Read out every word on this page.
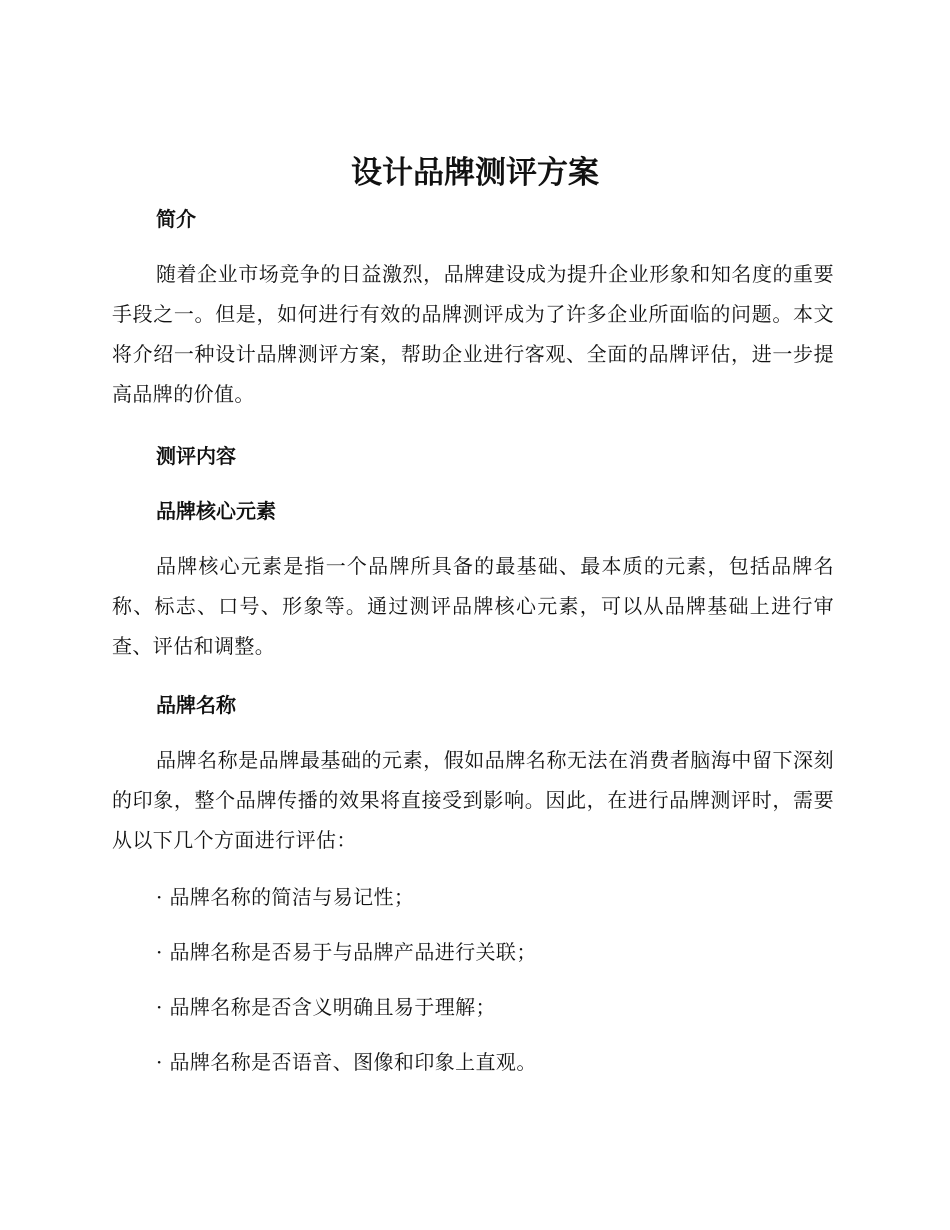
设计品牌测评方案
简介

随着企业市场竞争的日益激烈，品牌建设成为提升企业形象和知名度的重要手段之一。但是，如何进行有效的品牌测评成为了许多企业所面临的问题。本文将介绍一种设计品牌测评方案，帮助企业进行客观、全面的品牌评估，进一步提高品牌的价值。

测评内容
品牌核心元素

品牌核心元素是指一个品牌所具备的最基础、最本质的元素，包括品牌名称、标志、口号、形象等。通过测评品牌核心元素，可以从品牌基础上进行审查、评估和调整。

品牌名称

品牌名称是品牌最基础的元素，假如品牌名称无法在消费者脑海中留下深刻的印象，整个品牌传播的效果将直接受到影响。因此，在进行品牌测评时，需要从以下几个方面进行评估：

· 品牌名称的简洁与易记性；
· 品牌名称是否易于与品牌产品进行关联；
· 品牌名称是否含义明确且易于理解；
· 品牌名称是否语音、图像和印象上直观。
